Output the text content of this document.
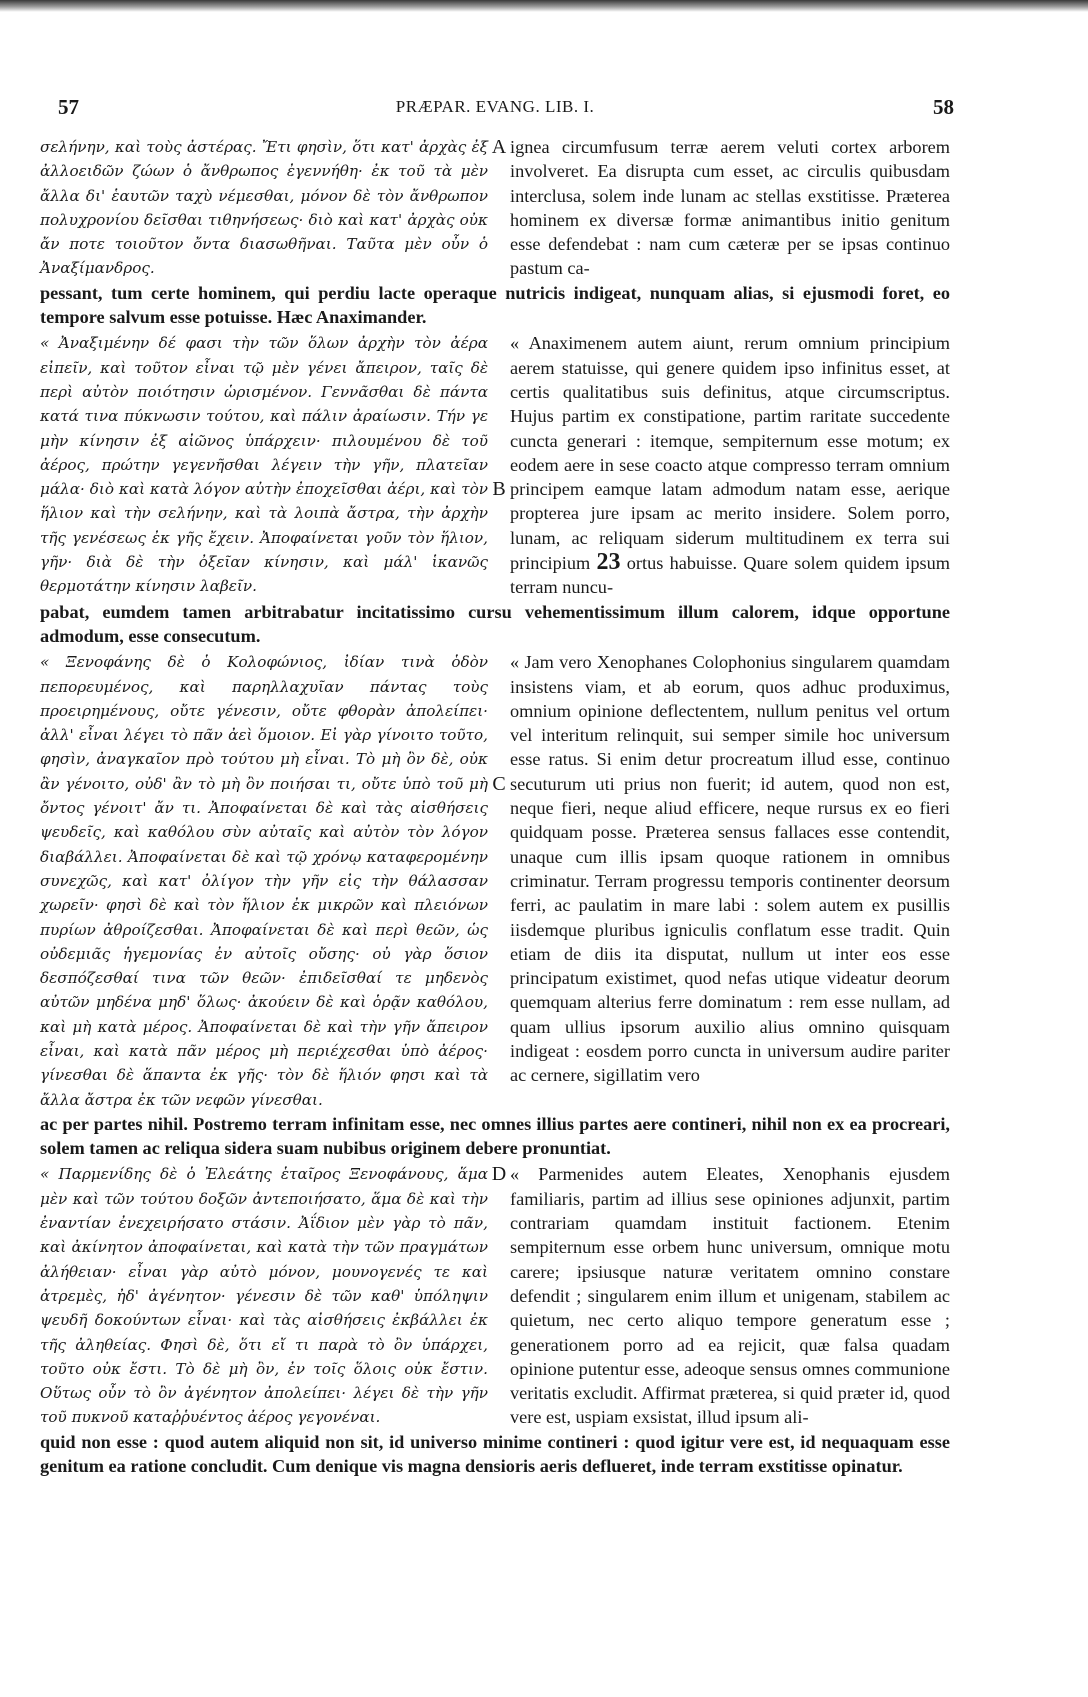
57	PRÆPAR. EVANG. LIB. I.	58
σελήνην, καὶ τοὺς ἀστέρας. Ἔτι φησὶν, ὅτι κατ' ἀρχὰς ἐξ ἀλλοειδῶν ζώων ὁ ἄνθρωπος ἐγεννήθη· ἐκ τοῦ τὰ μὲν ἄλλα δι' ἑαυτῶν ταχὺ νέμεσθαι, μόνον δὲ τὸν ἄνθρωπον πολυχρονίου δεῖσθαι τιθηνήσεως· διὸ καὶ κατ' ἀρχὰς οὐκ ἄν ποτε τοιοῦτον ὄντα διασωθῆναι. Ταῦτα μὲν οὖν ὁ Ἀναξίμανδρος.
A ignea circumfusum terræ aerem veluti cortex arborem involveret. Ea disrupta cum esset, ac circulis quibusdam interclusa, solem inde lunam ac stellas exstitisse. Præterea hominem ex diversæ formæ animantibus initio genitum esse defendebat : nam cum cæteræ per se ipsas continuo pastum ca-
pessant, tum certe hominem, qui perdiu lacte operaque nutricis indigeat, nunquam alias, si ejusmodi foret, eo tempore salvum esse potuisse. Hæc Anaximander.
« Ἀναξιμένην δέ φασι τὴν τῶν ὅλων ἀρχὴν τὸν ἀέρα εἰπεῖν, καὶ τοῦτον εἶναι τῷ μὲν γένει ἄπειρον, ταῖς δὲ περὶ αὐτὸν ποιότησιν ὡρισμένον. Γεννᾶσθαι δὲ πάντα κατά τινα πύκνωσιν τούτου, καὶ πάλιν ἀραίωσιν. Τήν γε μὴν κίνησιν ἐξ αἰῶνος ὑπάρχειν· πιλουμένου δὲ τοῦ ἀέρος, πρώτην γεγενῆσθαι λέγειν τὴν γῆν, πλατεῖαν μάλα· διὸ καὶ κατὰ λόγον αὐτὴν ἐποχεῖσθαι ἀέρι, καὶ τὸν ἥλιον καὶ τὴν σελήνην, καὶ τὰ λοιπὰ ἄστρα, τὴν ἀρχὴν τῆς γενέσεως ἐκ γῆς ἔχειν. Ἀποφαίνεται γοῦν τὸν ἥλιον, γῆν· διὰ δὲ τὴν ὀξεῖαν κίνησιν, καὶ μάλ' ἱκανῶς θερμοτάτην κίνησιν λαβεῖν.
B
« Anaximenem autem aiunt, rerum omnium principium aerem statuisse, qui genere quidem ipso infinitus esset, at certis qualitatibus suis definitus, atque circumscriptus. Hujus partim ex constipatione, partim raritate succedente cuncta generari : itemque, sempiternum esse motum; ex eodem aere in sese coacto atque compresso terram omnium principem eamque latam admodum natam esse, aerique propterea jure ipsam ac merito insidere. Solem porro, lunam, ac reliquam siderum multitudinem ex terra sui principium 23 ortus habuisse. Quare solem quidem ipsum terram nuncu-
pabat, eumdem tamen arbitrabatur incitatissimo cursu vehementissimum illum calorem, idque opportune admodum, esse consecutum.
« Ξενοφάνης δὲ ὁ Κολοφώνιος, ἰδίαν τινὰ ὁδὸν πεπορευμένος, καὶ παρηλλαχυῖαν πάντας τοὺς προειρημένους, οὔτε γένεσιν, οὔτε φθορὰν ἀπολείπει· ἀλλ' εἶναι λέγει τὸ πᾶν ἀεὶ ὅμοιον. Εἰ γὰρ γίνοιτο τοῦτο, φησὶν, ἀναγκαῖον πρὸ τούτου μὴ εἶναι. Τὸ μὴ ὂν δὲ, οὐκ ἂν γένοιτο, οὐδ' ἂν τὸ μὴ ὂν ποιήσαι τι, οὔτε ὑπὸ τοῦ μὴ ὄντος γένοιτ' ἄν τι. Ἀποφαίνεται δὲ καὶ τὰς αἰσθήσεις ψευδεῖς, καὶ καθόλου σὺν αὐταῖς καὶ αὐτὸν τὸν λόγον διαβάλλει. Ἀποφαίνεται δὲ καὶ τῷ χρόνῳ καταφερομένην συνεχῶς, καὶ κατ' ὀλίγον τὴν γῆν εἰς τὴν θάλασσαν χωρεῖν· φησὶ δὲ καὶ τὸν ἥλιον ἐκ μικρῶν καὶ πλειόνων πυρίων ἀθροίζεσθαι. Ἀποφαίνεται δὲ καὶ περὶ θεῶν, ὡς οὐδεμιᾶς ἡγεμονίας ἐν αὐτοῖς οὔσης· οὐ γὰρ ὅσιον δεσπόζεσθαί τινα τῶν θεῶν· ἐπιδεῖσθαί τε μηδενὸς αὐτῶν μηδένα μηδ' ὅλως· ἀκούειν δὲ καὶ ὁρᾷν καθόλου, καὶ μὴ κατὰ μέρος. Ἀποφαίνεται δὲ καὶ τὴν γῆν ἄπειρον εἶναι, καὶ κατὰ πᾶν μέρος μὴ περιέχεσθαι ὑπὸ ἀέρος· γίνεσθαι δὲ ἅπαντα ἐκ γῆς· τὸν δὲ ἥλιόν φησι καὶ τὰ ἄλλα ἄστρα ἐκ τῶν νεφῶν γίνεσθαι.
C
« Jam vero Xenophanes Colophonius singularem quamdam insistens viam, et ab eorum, quos adhuc produximus, omnium opinione deflectentem, nullum penitus vel ortum vel interitum relinquit, sui semper simile hoc universum esse ratus. Si enim detur procreatum illud esse, continuo secuturum uti prius non fuerit; id autem, quod non est, neque fieri, neque aliud efficere, neque rursus ex eo fieri quidquam posse. Præterea sensus fallaces esse contendit, unaque cum illis ipsam quoque rationem in omnibus criminatur. Terram progressu temporis continenter deorsum ferri, ac paulatim in mare labi : solem autem ex pusillis iisdemque pluribus igniculis conflatum esse tradit. Quin etiam de diis ita disputat, nullum ut inter eos esse principatum existimet, quod nefas utique videatur deorum quemquam alterius ferre dominatum : rem esse nullam, ad quam ullius ipsorum auxilio alius omnino quisquam indigeat : eosdem porro cuncta in universum audire pariter ac cernere, sigillatim vero
ac per partes nihil. Postremo terram infinitam esse, nec omnes illius partes aere contineri, nihil non ex ea procreari, solem tamen ac reliqua sidera suam nubibus originem debere pronuntiat.
« Παρμενίδης δὲ ὁ Ἐλεάτης ἑταῖρος Ξενοφάνους, ἅμα μὲν καὶ τῶν τούτου δοξῶν ἀντεποιήσατο, ἅμα δὲ καὶ τὴν ἐναντίαν ἐνεχειρήσατο στάσιν. Ἀΐδιον μὲν γὰρ τὸ πᾶν, καὶ ἀκίνητον ἀποφαίνεται, καὶ κατὰ τὴν τῶν πραγμάτων ἀλήθειαν· εἶναι γὰρ αὐτὸ μόνον, μουνογενές τε καὶ ἀτρεμὲς, ἠδ' ἀγένητον· γένεσιν δὲ τῶν καθ' ὑπόληψιν ψευδῆ δοκούντων εἶναι· καὶ τὰς αἰσθήσεις ἐκβάλλει ἐκ τῆς ἀληθείας. Φησὶ δὲ, ὅτι εἴ τι παρὰ τὸ ὂν ὑπάρχει, τοῦτο οὐκ ἔστι. Τὸ δὲ μὴ ὂν, ἐν τοῖς ὅλοις οὐκ ἔστιν. Οὕτως οὖν τὸ ὂν ἀγένητον ἀπολείπει· λέγει δὲ τὴν γῆν τοῦ πυκνοῦ καταῤῥυέντος ἀέρος γεγονέναι.
D « Parmenides autem Eleates, Xenophanis ejusdem familiaris, partim ad illius sese opiniones adjunxit, partim contrariam quamdam instituit factionem. Etenim sempiternum esse orbem hunc universum, omnique motu carere; ipsiusque naturæ veritatem omnino constare defendit ; singularem enim illum et unigenam, stabilem ac quietum, nec certo aliquo tempore generatum esse ; generationem porro ad ea rejicit, quæ falsa quadam opinione putentur esse, adeoque sensus omnes communione veritatis excludit. Affirmat præterea, si quid præter id, quod vere est, uspiam exsistat, illud ipsum ali-
quid non esse : quod autem aliquid non sit, id universo minime contineri : quod igitur vere est, id nequaquam esse genitum ea ratione concludit. Cum denique vis magna densioris aeris deflueret, inde terram exstitisse opinatur.
